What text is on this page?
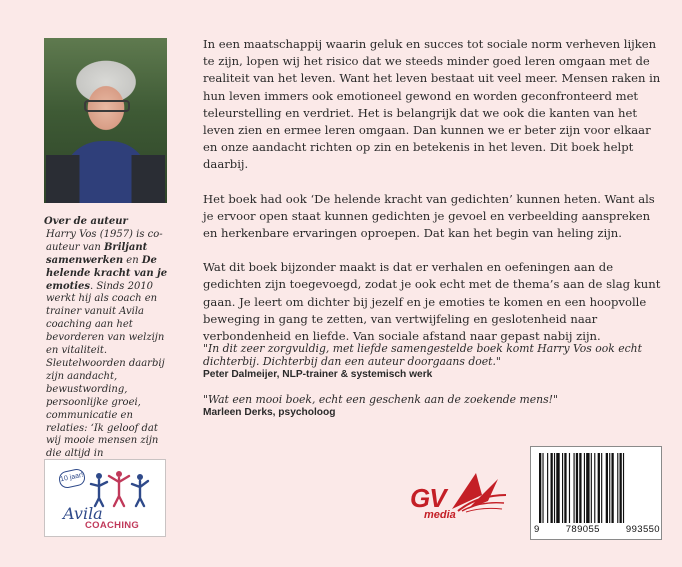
Over de auteur
Harry Vos (1957) is co-auteur van Briljant samenwerken en De helende kracht van je emoties. Sinds 2010 werkt hij als coach en trainer vanuit Avila coaching aan het bevorderen van welzijn en vitaliteit. Sleutelwoorden daarbij zijn aandacht, bewustwording, persoonlijke groei, communicatie en relaties: ‘Ik geloof dat wij mooie mensen zijn die altijd in
10 jaar!
Avila
COACHING

In een maatschappij waarin geluk en succes tot sociale norm verheven lijken te zijn, lopen wij het risico dat we steeds minder goed leren omgaan met de realiteit van het leven. Want het leven bestaat uit veel meer. Mensen raken in hun leven immers ook emotioneel gewond en worden geconfronteerd met teleurstelling en verdriet. Het is belangrijk dat we ook die kanten van het leven zien en ermee leren omgaan. Dan kunnen we er beter zijn voor elkaar en onze aandacht richten op zin en betekenis in het leven. Dit boek helpt daarbij.

Het boek had ook ‘De helende kracht van gedichten’ kunnen heten. Want als je ervoor open staat kunnen gedichten je gevoel en verbeelding aanspreken en herkenbare ervaringen oproepen. Dat kan het begin van heling zijn.

Wat dit boek bijzonder maakt is dat er verhalen en oefeningen aan de gedichten zijn toegevoegd, zodat je ook echt met de thema’s aan de slag kunt gaan. Je leert om dichter bij jezelf en je emoties te komen en een hoopvolle beweging in gang te zetten, van vertwijfeling en geslotenheid naar verbondenheid en liefde. Van sociale afstand naar gepast nabij zijn.

"In dit zeer zorgvuldig, met liefde samengestelde boek komt Harry Vos ook echt dichterbij. Dichterbij dan een auteur doorgaans doet."
Peter Dalmeijer, NLP-trainer & systemisch werk
"Wat een mooi boek, echt een geschenk aan de zoekende mens!"
Marleen Derks, psycholoog
GV
media
9	789055	993550
